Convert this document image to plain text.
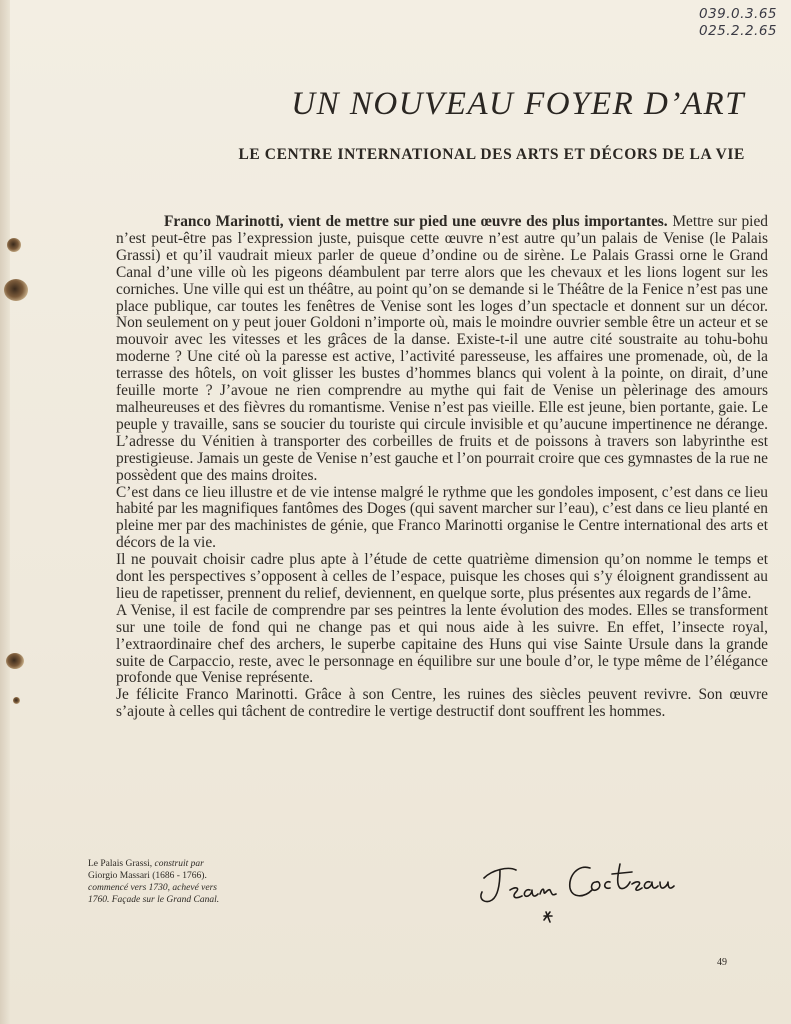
039.0.3.65
025.2.2.65
UN NOUVEAU FOYER D’ART
LE CENTRE INTERNATIONAL DES ARTS ET DÉCORS DE LA VIE

Franco Marinotti, vient de mettre sur pied une œuvre des plus importantes. Mettre sur pied n’est peut-être pas l’expression juste, puisque cette œuvre n’est autre qu’un palais de Venise (le Palais Grassi) et qu’il vaudrait mieux parler de queue d’ondine ou de sirène. Le Palais Grassi orne le Grand Canal d’une ville où les pigeons déambulent par terre alors que les chevaux et les lions logent sur les corniches. Une ville qui est un théâtre, au point qu’on se demande si le Théâtre de la Fenice n’est pas une place publique, car toutes les fenêtres de Venise sont les loges d’un spectacle et donnent sur un décor. Non seulement on y peut jouer Goldoni n’importe où, mais le moindre ouvrier semble être un acteur et se mouvoir avec les vitesses et les grâces de la danse. Existe-t-il une autre cité soustraite au tohu-bohu moderne ? Une cité où la paresse est active, l’activité paresseuse, les affaires une promenade, où, de la terrasse des hôtels, on voit glisser les bustes d’hommes blancs qui volent à la pointe, on dirait, d’une feuille morte ? J’avoue ne rien comprendre au mythe qui fait de Venise un pèlerinage des amours malheureuses et des fièvres du romantisme. Venise n’est pas vieille. Elle est jeune, bien portante, gaie. Le peuple y travaille, sans se soucier du touriste qui circule invisible et qu’aucune impertinence ne dérange. L’adresse du Vénitien à transporter des corbeilles de fruits et de poissons à travers son labyrinthe est prestigieuse. Jamais un geste de Venise n’est gauche et l’on pourrait croire que ces gymnastes de la rue ne possèdent que des mains droites.

C’est dans ce lieu illustre et de vie intense malgré le rythme que les gondoles imposent, c’est dans ce lieu habité par les magnifiques fantômes des Doges (qui savent marcher sur l’eau), c’est dans ce lieu planté en pleine mer par des machinistes de génie, que Franco Marinotti organise le Centre international des arts et décors de la vie.

Il ne pouvait choisir cadre plus apte à l’étude de cette quatrième dimension qu’on nomme le temps et dont les perspectives s’opposent à celles de l’espace, puisque les choses qui s’y éloignent grandissent au lieu de rapetisser, prennent du relief, deviennent, en quelque sorte, plus présentes aux regards de l’âme.

A Venise, il est facile de comprendre par ses peintres la lente évolution des modes. Elles se transforment sur une toile de fond qui ne change pas et qui nous aide à les suivre. En effet, l’insecte royal, l’extraordinaire chef des archers, le superbe capitaine des Huns qui vise Sainte Ursule dans la grande suite de Carpaccio, reste, avec le personnage en équilibre sur une boule d’or, le type même de l’élégance profonde que Venise représente.

Je félicite Franco Marinotti. Grâce à son Centre, les ruines des siècles peuvent revivre. Son œuvre s’ajoute à celles qui tâchent de contredire le vertige destructif dont souffrent les hommes.

Le Palais Grassi, construit par
Giorgio Massari (1686 - 1766).
commencé vers 1730, achevé vers
1760. Façade sur le Grand Canal.
49
